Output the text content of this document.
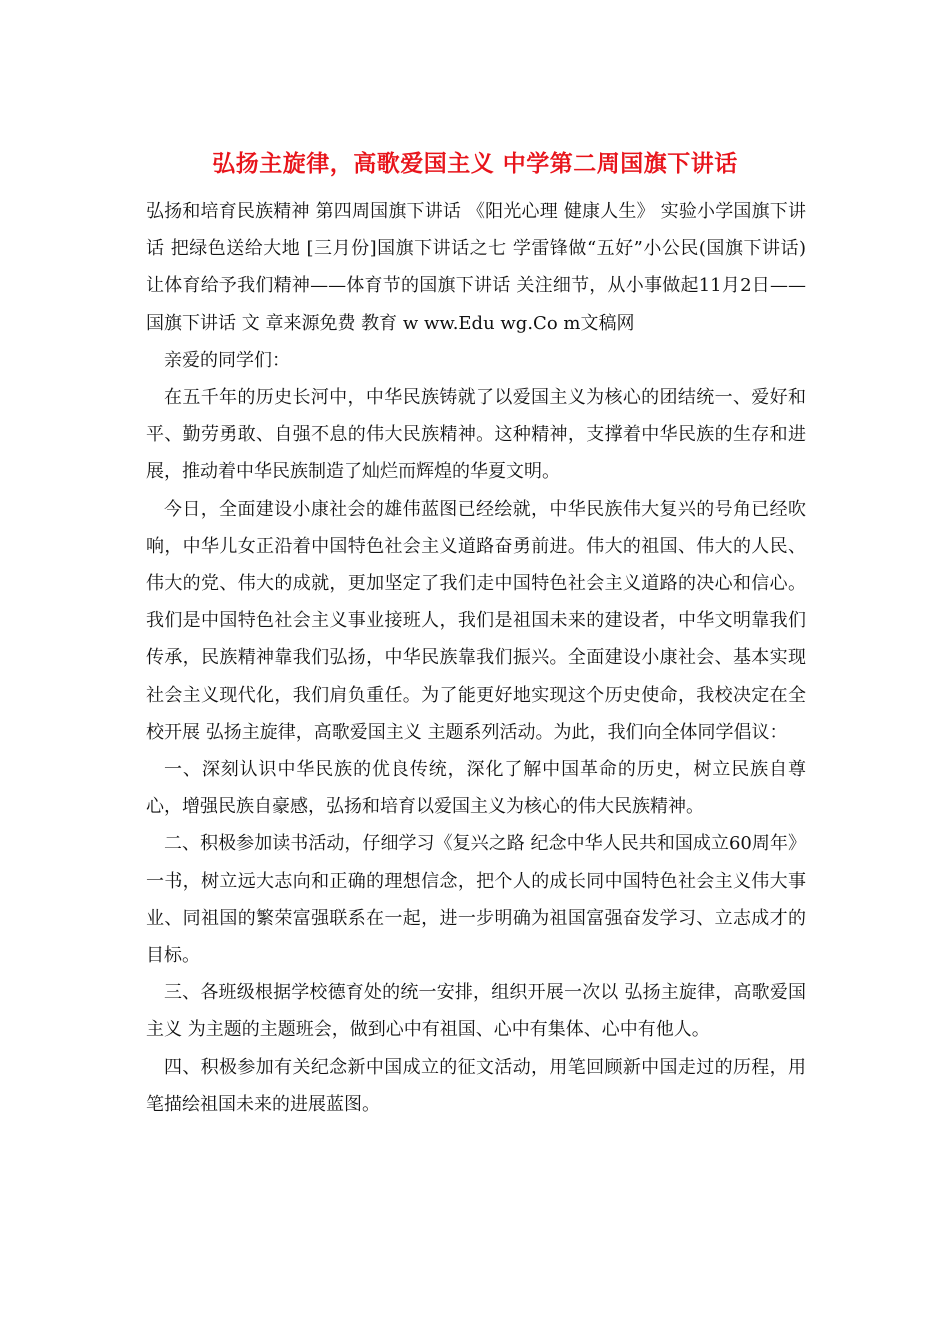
弘扬主旋律，高歌爱国主义 中学第二周国旗下讲话

弘扬和培育民族精神 第四周国旗下讲话 《阳光心理 健康人生》 实验小学国旗下讲话 把绿色送给大地 [三月份]国旗下讲话之七 学雷锋做“五好”小公民(国旗下讲话) 让体育给予我们精神——体育节的国旗下讲话 关注细节，从小事做起11月2日——国旗下讲话 文 章来源免费 教育 w ww.Edu wg.Co m文稿网

亲爱的同学们：

在五千年的历史长河中，中华民族铸就了以爱国主义为核心的团结统一、爱好和平、勤劳勇敢、自强不息的伟大民族精神。这种精神，支撑着中华民族的生存和进展，推动着中华民族制造了灿烂而辉煌的华夏文明。

今日，全面建设小康社会的雄伟蓝图已经绘就，中华民族伟大复兴的号角已经吹响，中华儿女正沿着中国特色社会主义道路奋勇前进。伟大的祖国、伟大的人民、伟大的党、伟大的成就，更加坚定了我们走中国特色社会主义道路的决心和信心。我们是中国特色社会主义事业接班人，我们是祖国未来的建设者，中华文明靠我们传承，民族精神靠我们弘扬，中华民族靠我们振兴。全面建设小康社会、基本实现社会主义现代化，我们肩负重任。为了能更好地实现这个历史使命，我校决定在全校开展 弘扬主旋律，高歌爱国主义 主题系列活动。为此，我们向全体同学倡议：

一、深刻认识中华民族的优良传统，深化了解中国革命的历史，树立民族自尊心，增强民族自豪感，弘扬和培育以爱国主义为核心的伟大民族精神。

二、积极参加读书活动，仔细学习《复兴之路 纪念中华人民共和国成立60周年》一书，树立远大志向和正确的理想信念，把个人的成长同中国特色社会主义伟大事业、同祖国的繁荣富强联系在一起，进一步明确为祖国富强奋发学习、立志成才的目标。

三、各班级根据学校德育处的统一安排，组织开展一次以 弘扬主旋律，高歌爱国主义 为主题的主题班会，做到心中有祖国、心中有集体、心中有他人。

四、积极参加有关纪念新中国成立的征文活动，用笔回顾新中国走过的历程，用笔描绘祖国未来的进展蓝图。
